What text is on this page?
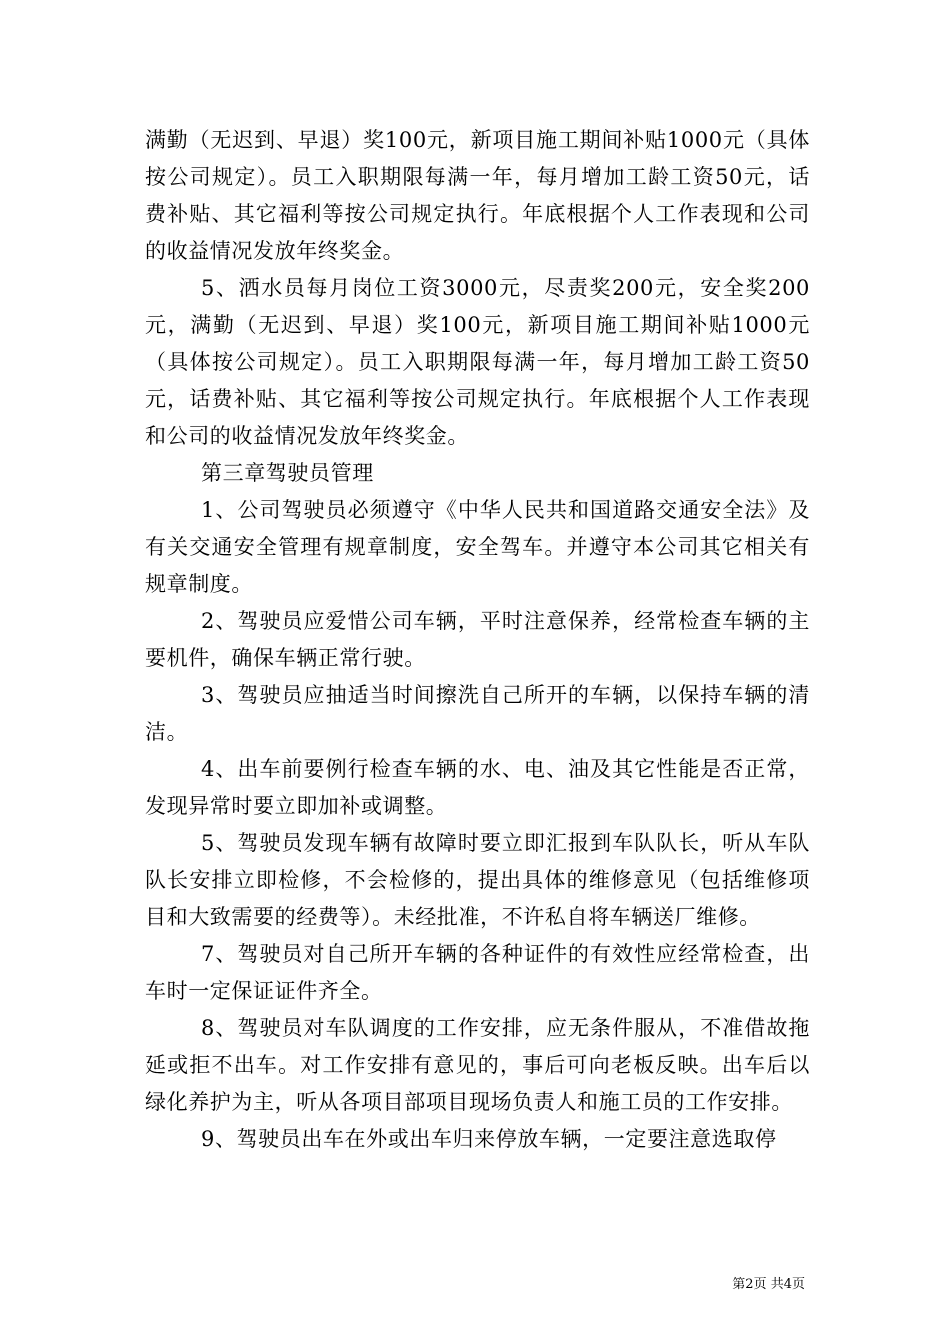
满勤（无迟到、早退）奖100元，新项目施工期间补贴1000元（具体按公司规定）。员工入职期限每满一年，每月增加工龄工资50元，话费补贴、其它福利等按公司规定执行。年底根据个人工作表现和公司的收益情况发放年终奖金。

5、洒水员每月岗位工资3000元，尽责奖200元，安全奖200元，满勤（无迟到、早退）奖100元，新项目施工期间补贴1000元（具体按公司规定）。员工入职期限每满一年，每月增加工龄工资50元，话费补贴、其它福利等按公司规定执行。年底根据个人工作表现和公司的收益情况发放年终奖金。

第三章驾驶员管理

1、公司驾驶员必须遵守《中华人民共和国道路交通安全法》及有关交通安全管理有规章制度，安全驾车。并遵守本公司其它相关有规章制度。

2、驾驶员应爱惜公司车辆，平时注意保养，经常检查车辆的主要机件，确保车辆正常行驶。

3、驾驶员应抽适当时间擦洗自己所开的车辆，以保持车辆的清洁。

4、出车前要例行检查车辆的水、电、油及其它性能是否正常，发现异常时要立即加补或调整。

5、驾驶员发现车辆有故障时要立即汇报到车队队长，听从车队队长安排立即检修，不会检修的，提出具体的维修意见（包括维修项目和大致需要的经费等）。未经批准，不许私自将车辆送厂维修。

7、驾驶员对自己所开车辆的各种证件的有效性应经常检查，出车时一定保证证件齐全。

8、驾驶员对车队调度的工作安排，应无条件服从，不准借故拖延或拒不出车。对工作安排有意见的，事后可向老板反映。出车后以绿化养护为主，听从各项目部项目现场负责人和施工员的工作安排。

9、驾驶员出车在外或出车归来停放车辆，一定要注意选取停

第2页 共4页
